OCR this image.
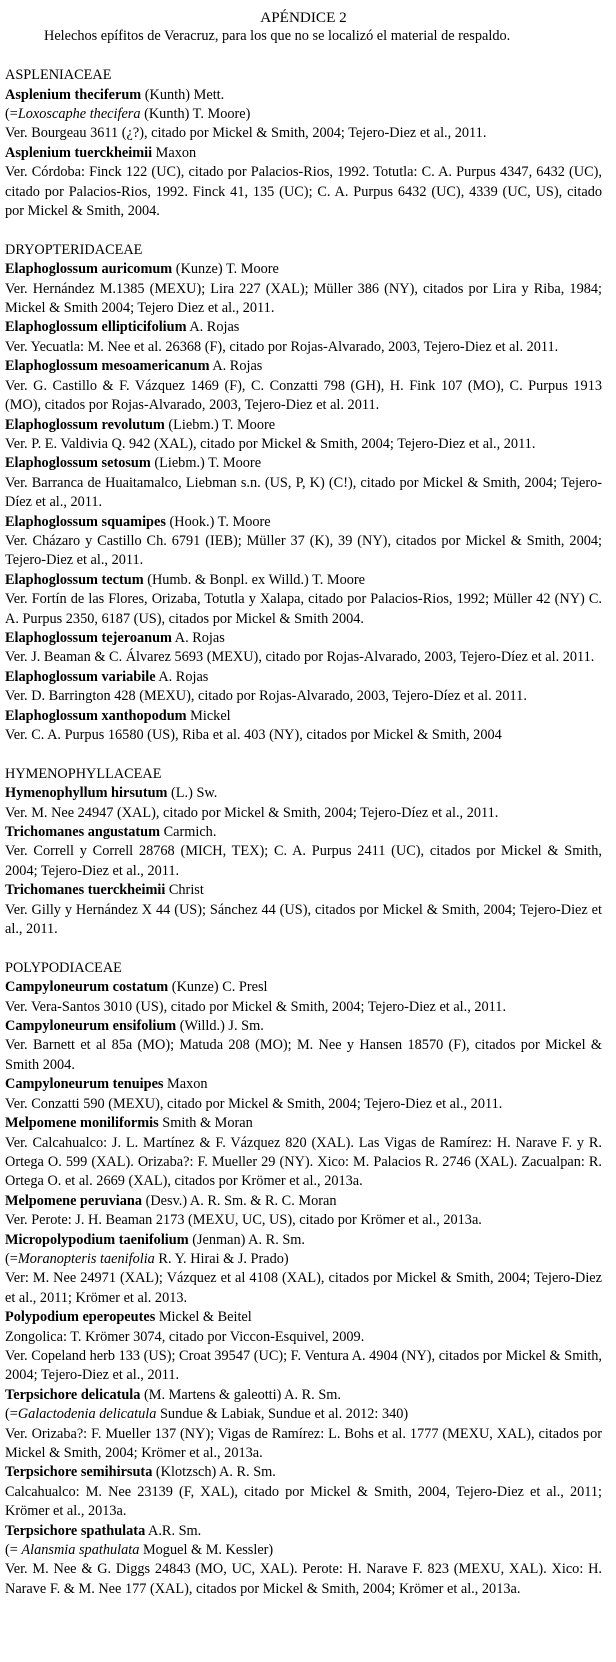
APÉNDICE 2

Helechos epífitos de Veracruz, para los que no se localizó el material de respaldo.

ASPLENIACEAE

Asplenium theciferum (Kunth) Mett.

(=Loxoscaphe thecifera (Kunth) T. Moore)

Ver. Bourgeau 3611 (¿?), citado por Mickel & Smith, 2004; Tejero-Diez et al., 2011.

Asplenium tuerckheimii Maxon

Ver. Córdoba: Finck 122 (UC), citado por Palacios-Rios, 1992. Totutla: C. A. Purpus 4347, 6432 (UC), citado por Palacios-Rios, 1992. Finck 41, 135 (UC); C. A. Purpus 6432 (UC), 4339 (UC, US), citado por Mickel & Smith, 2004.

DRYOPTERIDACEAE

Elaphoglossum auricomum (Kunze) T. Moore

Ver. Hernández M.1385 (MEXU); Lira 227 (XAL); Müller 386 (NY), citados por Lira y Riba, 1984; Mickel & Smith 2004; Tejero Diez et al., 2011.

Elaphoglossum ellipticifolium A. Rojas

Ver. Yecuatla: M. Nee et al. 26368 (F), citado por Rojas-Alvarado, 2003, Tejero-Diez et al. 2011.

Elaphoglossum mesoamericanum A. Rojas

Ver. G. Castillo & F. Vázquez 1469 (F), C. Conzatti 798 (GH), H. Fink 107 (MO), C. Purpus 1913 (MO), citados por Rojas-Alvarado, 2003, Tejero-Diez et al. 2011.

Elaphoglossum revolutum (Liebm.) T. Moore

Ver. P. E. Valdivia Q. 942 (XAL), citado por Mickel & Smith, 2004; Tejero-Diez et al., 2011.

Elaphoglossum setosum (Liebm.) T. Moore

Ver. Barranca de Huaitamalco, Liebman s.n. (US, P, K) (C!), citado por Mickel & Smith, 2004; Tejero-Díez et al., 2011.

Elaphoglossum squamipes (Hook.) T. Moore

Ver. Cházaro y Castillo Ch. 6791 (IEB); Müller 37 (K), 39 (NY), citados por Mickel & Smith, 2004; Tejero-Diez et al., 2011.

Elaphoglossum tectum (Humb. & Bonpl. ex Willd.) T. Moore

Ver. Fortín de las Flores, Orizaba, Totutla y Xalapa, citado por Palacios-Rios, 1992; Müller 42 (NY) C. A. Purpus 2350, 6187 (US), citados por Mickel & Smith 2004.

Elaphoglossum tejeroanum A. Rojas

Ver. J. Beaman & C. Álvarez 5693 (MEXU), citado por Rojas-Alvarado, 2003, Tejero-Díez et al. 2011.

Elaphoglossum variabile A. Rojas

Ver. D. Barrington 428 (MEXU), citado por Rojas-Alvarado, 2003, Tejero-Díez et al. 2011.

Elaphoglossum xanthopodum Mickel

Ver. C. A. Purpus 16580 (US), Riba et al. 403 (NY), citados por Mickel & Smith, 2004

HYMENOPHYLLACEAE

Hymenophyllum hirsutum (L.) Sw.

Ver. M. Nee 24947 (XAL), citado por Mickel & Smith, 2004; Tejero-Díez et al., 2011.

Trichomanes angustatum Carmich.

Ver. Correll y Correll 28768 (MICH, TEX); C. A. Purpus 2411 (UC), citados por Mickel & Smith, 2004; Tejero-Diez et al., 2011.

Trichomanes tuerckheimii Christ

Ver. Gilly y Hernández X 44 (US); Sánchez 44 (US), citados por Mickel & Smith, 2004; Tejero-Diez et al., 2011.

POLYPODIACEAE

Campyloneurum costatum (Kunze) C. Presl

Ver. Vera-Santos 3010 (US), citado por Mickel & Smith, 2004; Tejero-Diez et al., 2011.

Campyloneurum ensifolium (Willd.) J. Sm.

Ver. Barnett et al 85a (MO); Matuda 208 (MO); M. Nee y Hansen 18570 (F), citados por Mickel & Smith 2004.

Campyloneurum tenuipes Maxon

Ver. Conzatti 590 (MEXU), citado por Mickel & Smith, 2004; Tejero-Diez et al., 2011.

Melpomene moniliformis Smith & Moran

Ver. Calcahualco: J. L. Martínez & F. Vázquez 820 (XAL). Las Vigas de Ramírez: H. Narave F. y R. Ortega O. 599 (XAL). Orizaba?: F. Mueller 29 (NY). Xico: M. Palacios R. 2746 (XAL). Zacualpan: R. Ortega O. et al. 2669 (XAL), citados por Krömer et al., 2013a.

Melpomene peruviana (Desv.) A. R. Sm. & R. C. Moran

Ver. Perote: J. H. Beaman 2173 (MEXU, UC, US), citado por Krömer et al., 2013a.

Micropolypodium taenifolium (Jenman) A. R. Sm.

(=Moranopteris taenifolia R. Y. Hirai & J. Prado)

Ver: M. Nee 24971 (XAL); Vázquez et al 4108 (XAL), citados por Mickel & Smith, 2004; Tejero-Diez et al., 2011; Krömer et al. 2013.

Polypodium eperopeutes Mickel & Beitel

Zongolica: T. Krömer 3074, citado por Viccon-Esquivel, 2009.

Ver. Copeland herb 133 (US); Croat 39547 (UC); F. Ventura A. 4904 (NY), citados por Mickel & Smith, 2004; Tejero-Diez et al., 2011.

Terpsichore delicatula (M. Martens & galeotti) A. R. Sm.

(=Galactodenia delicatula Sundue & Labiak, Sundue et al. 2012: 340)

Ver. Orizaba?: F. Mueller 137 (NY); Vigas de Ramírez: L. Bohs et al. 1777 (MEXU, XAL), citados por Mickel & Smith, 2004; Krömer et al., 2013a.

Terpsichore semihirsuta (Klotzsch) A. R. Sm.

Calcahualco: M. Nee 23139 (F, XAL), citado por Mickel & Smith, 2004, Tejero-Diez et al., 2011; Krömer et al., 2013a.

Terpsichore spathulata A.R. Sm.

(= Alansmia spathulata Moguel & M. Kessler)

Ver. M. Nee & G. Diggs 24843 (MO, UC, XAL). Perote: H. Narave F. 823 (MEXU, XAL). Xico: H. Narave F. & M. Nee 177 (XAL), citados por Mickel & Smith, 2004; Krömer et al., 2013a.
